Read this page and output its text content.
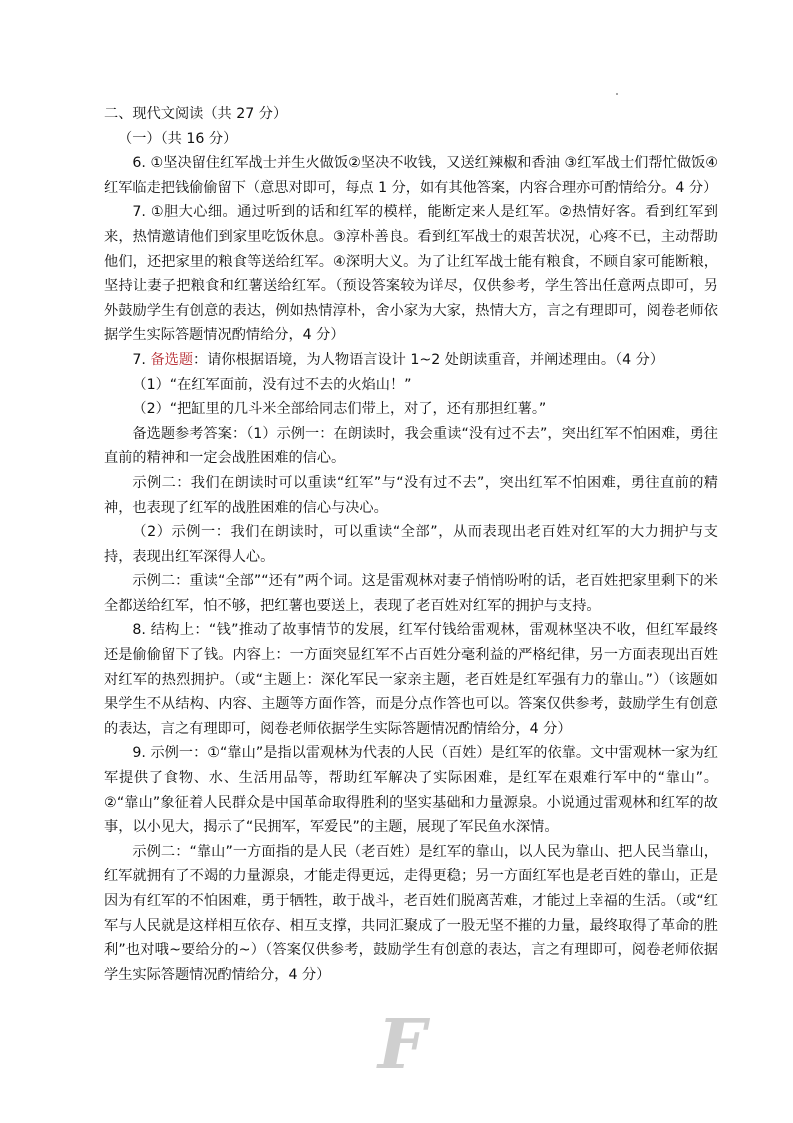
二、现代文阅读（共 27 分）

（一）（共 16 分）

6. ①坚决留住红军战士并生火做饭②坚决不收钱，又送红辣椒和香油 ③红军战士们帮忙做饭④红军临走把钱偷偷留下（意思对即可，每点 1 分，如有其他答案，内容合理亦可酌情给分。4 分）

7. ①胆大心细。通过听到的话和红军的模样，能断定来人是红军。②热情好客。看到红军到来，热情邀请他们到家里吃饭休息。③淳朴善良。看到红军战士的艰苦状况，心疼不已，主动帮助他们，还把家里的粮食等送给红军。④深明大义。为了让红军战士能有粮食，不顾自家可能断粮，坚持让妻子把粮食和红薯送给红军。（预设答案较为详尽，仅供参考，学生答出任意两点即可，另外鼓励学生有创意的表达，例如热情淳朴，舍小家为大家，热情大方，言之有理即可，阅卷老师依据学生实际答题情况酌情给分，4 分）

7. 备选题：请你根据语境，为人物语言设计 1~2 处朗读重音，并阐述理由。（4 分）

（1）“在红军面前，没有过不去的火焰山！”

（2）“把缸里的几斗米全部给同志们带上，对了，还有那担红薯。”

备选题参考答案：（1）示例一：在朗读时，我会重读“没有过不去”，突出红军不怕困难，勇往直前的精神和一定会战胜困难的信心。

示例二：我们在朗读时可以重读“红军”与“没有过不去”，突出红军不怕困难，勇往直前的精神，也表现了红军的战胜困难的信心与决心。

（2）示例一：我们在朗读时，可以重读“全部”，从而表现出老百姓对红军的大力拥护与支持，表现出红军深得人心。

示例二：重读“全部”“还有”两个词。这是雷观林对妻子悄悄吩咐的话，老百姓把家里剩下的米全都送给红军，怕不够，把红薯也要送上，表现了老百姓对红军的拥护与支持。

8. 结构上：“钱”推动了故事情节的发展，红军付钱给雷观林，雷观林坚决不收，但红军最终还是偷偷留下了钱。内容上：一方面突显红军不占百姓分毫利益的严格纪律，另一方面表现出百姓对红军的热烈拥护。（或“主题上：深化军民一家亲主题，老百姓是红军强有力的靠山。”）（该题如果学生不从结构、内容、主题等方面作答，而是分点作答也可以。答案仅供参考，鼓励学生有创意的表达，言之有理即可，阅卷老师依据学生实际答题情况酌情给分，4 分）

9. 示例一：①“靠山”是指以雷观林为代表的人民（百姓）是红军的依靠。文中雷观林一家为红军提供了食物、水、生活用品等，帮助红军解决了实际困难，是红军在艰难行军中的“靠山”。②“靠山”象征着人民群众是中国革命取得胜利的坚实基础和力量源泉。小说通过雷观林和红军的故事，以小见大，揭示了“民拥军，军爱民”的主题，展现了军民鱼水深情。

示例二：“靠山”一方面指的是人民（老百姓）是红军的靠山，以人民为靠山、把人民当靠山，红军就拥有了不竭的力量源泉，才能走得更远，走得更稳；另一方面红军也是老百姓的靠山，正是因为有红军的不怕困难，勇于牺牲，敢于战斗，老百姓们脱离苦难，才能过上幸福的生活。（或“红军与人民就是这样相互依存、相互支撑，共同汇聚成了一股无坚不摧的力量，最终取得了革命的胜利”也对哦~要给分的~）（答案仅供参考，鼓励学生有创意的表达，言之有理即可，阅卷老师依据学生实际答题情况酌情给分，4 分）

F
